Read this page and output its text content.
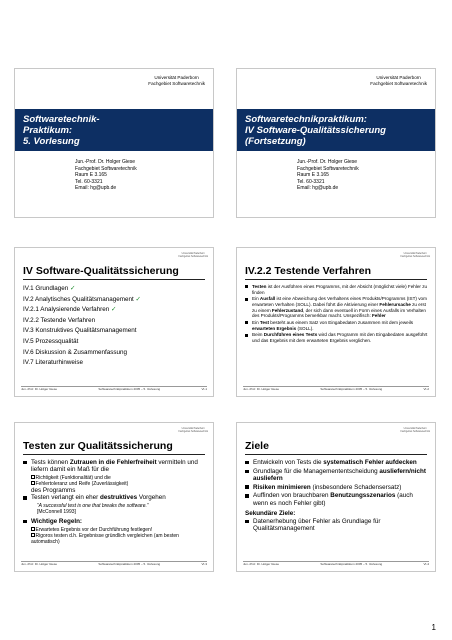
Universität Paderborn
Fachgebiet Softwaretechnik
Softwaretechnik-
Praktikum:
5. Vorlesung
Jun.-Prof. Dr. Holger Giese
Fachgebiet Softwaretechnik
Raum E 3.165
Tel. 60-3321
Email: hg@upb.de
Universität Paderborn
Fachgebiet Softwaretechnik
Softwaretechnikpraktikum:
IV Software-Qualitätssicherung
(Fortsetzung)
Jun.-Prof. Dr. Holger Giese
Fachgebiet Softwaretechnik
Raum E 3.165
Tel. 60-3321
Email: hg@upb.de
Universität Paderborn
Fachgebiet Softwaretechnik
IV Software-Qualitätssicherung
IV.1 Grundlagen ✓
IV.2 Analytisches Qualitätsmanagement ✓
IV.2.1 Analysierende Verfahren ✓
IV.2.2 Testende Verfahren
IV.3 Konstruktives Qualitätsmanagement
IV.5 Prozessqualität
IV.6 Diskussion & Zusammenfassung
IV.7 Literaturhinweise
Jun.-Prof. Dr. Holger Giese	Softwaretechnikpraktikum 2005 – 5. Vorlesung	VI-1
Universität Paderborn
Fachgebiet Softwaretechnik
IV.2.2 Testende Verfahren
Testen ist der Ausführen eines Programms, mit der Absicht (möglichst viele) Fehler zu finden
Ein Ausfall ist eine Abweichung des Verhaltens eines Produkts/Programms (IST) vom erwarteten Verhalten (SOLL). Dabei führt die Aktivierung einer Fehlerursache zu erst zu einem Fehlerzustand, der sich dann eventuell in Form eines Ausfalls im Verhalten des Produkts/Programms bemerkbar macht. Unspezifisch: Fehler
Ein Test besteht aus einem Satz von Eingabedaten zusammen mit dem jeweils erwarteten Ergebnis (SOLL).
Beim Durchführen eines Tests wird das Programm mit den Eingabedaten ausgeführt und das Ergebnis mit dem erwarteten Ergebnis verglichen.
Jun.-Prof. Dr. Holger Giese	Softwaretechnikpraktikum 2005 – 5. Vorlesung	VI-2
Universität Paderborn
Fachgebiet Softwaretechnik
Testen zur Qualitätssicherung
Tests können Zutrauen in die Fehlerfreiheit vermitteln und liefern damit ein Maß für die
Richtigkeit (Funktionalität) und die
Fehlertoleranz und Reife (Zuverlässigkeit)
des Programms
Testen verlangt ein eher destruktives Vorgehen
“A successful test is one that breaks the software.”
[McConnell 1993]
Wichtige Regeln:
Erwartetes Ergebnis vor der Durchführung festlegen!
Rigoros testen d.h. Ergebnisse gründlich vergleichen (am besten automatisch)
Jun.-Prof. Dr. Holger Giese	Softwaretechnikpraktikum 2005 – 5. Vorlesung	VI-3
Universität Paderborn
Fachgebiet Softwaretechnik
Ziele
Entwickeln von Tests die systematisch Fehler aufdecken
Grundlage für die Managemententscheidung ausliefern/nicht ausliefern
Risiken minimieren (insbesondere Schadensersatz)
Auffinden von brauchbaren Benutzungsszenarios (auch wenn es noch Fehler gibt)
Sekundäre Ziele:
Datenerhebung über Fehler als Grundlage für Qualitätsmanagement
Jun.-Prof. Dr. Holger Giese	Softwaretechnikpraktikum 2005 – 5. Vorlesung	VI-4
1
